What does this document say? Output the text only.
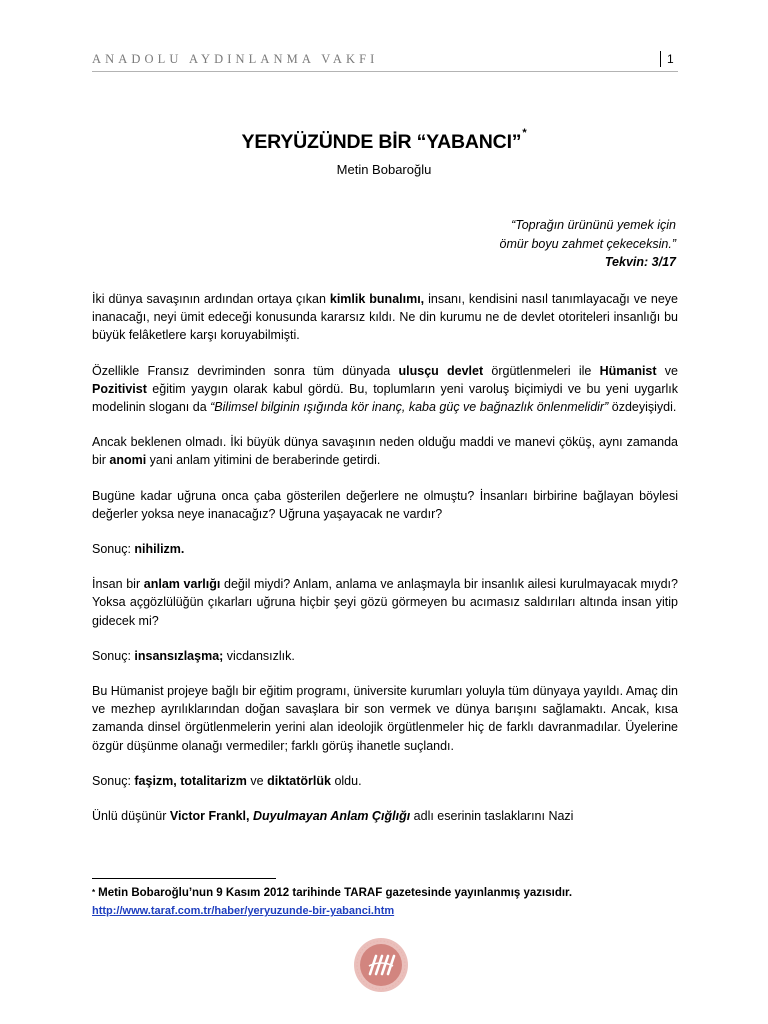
ANADOLU AYDINLANMA VAKFI	1
YERYÜZÜNDE BİR “YABANCI”*
Metin Bobaroğlu
“Toprağın ürününü yemek için
ömür boyu zahmet çekeceksin.”
Tekvin: 3/17

İki dünya savaşının ardından ortaya çıkan kimlik bunalımı, insanı, kendisini nasıl tanımlayacağı ve neye inanacağı, neyi ümit edeceği konusunda kararsız kıldı. Ne din kurumu ne de devlet otoriteleri insanlığı bu büyük felâketlere karşı koruyabilmişti.

Özellikle Fransız devriminden sonra tüm dünyada ulusçu devlet örgütlenmeleri ile Hümanist ve Pozitivist eğitim yaygın olarak kabul gördü. Bu, toplumların yeni varoluş biçimiydi ve bu yeni uygarlık modelinin sloganı da “Bilimsel bilginin ışığında kör inanç, kaba güç ve bağnazlık önlenmelidir” özdeyişiydi.

Ancak beklenen olmadı. İki büyük dünya savaşının neden olduğu maddi ve manevi çöküş, aynı zamanda bir anomi yani anlam yitimini de beraberinde getirdi.

Bugüne kadar uğruna onca çaba gösterilen değerlere ne olmuştu? İnsanları birbirine bağlayan böylesi değerler yoksa neye inanacağız? Uğruna yaşayacak ne vardır?

Sonuç: nihilizm.

İnsan bir anlam varlığı değil miydi? Anlam, anlama ve anlaşmayla bir insanlık ailesi kurulmayacak mıydı? Yoksa açgözlülüğün çıkarları uğruna hiçbir şeyi gözü görmeyen bu acımasız saldırıları altında insan yitip gidecek mi?

Sonuç: insansızlaşma; vicdansızlık.

Bu Hümanist projeye bağlı bir eğitim programı, üniversite kurumları yoluyla tüm dünyaya yayıldı. Amaç din ve mezhep ayrılıklarından doğan savaşlara bir son vermek ve dünya barışını sağlamaktı. Ancak, kısa zamanda dinsel örgütlenmelerin yerini alan ideolojik örgütlenmeler hiç de farklı davranmadılar. Üyelerine özgür düşünme olanağı vermediler; farklı görüş ihanetle suçlandı.

Sonuç: faşizm, totalitarizm ve diktatörlük oldu.

Ünlü düşünür Victor Frankl, Duyulmayan Anlam Çığlığı adlı eserinin taslaklarını Nazi

* Metin Bobaroğlu’nun 9 Kasım 2012 tarihinde TARAF gazetesinde yayınlanmış yazısıdır.
http://www.taraf.com.tr/haber/yeryuzunde-bir-yabanci.htm
